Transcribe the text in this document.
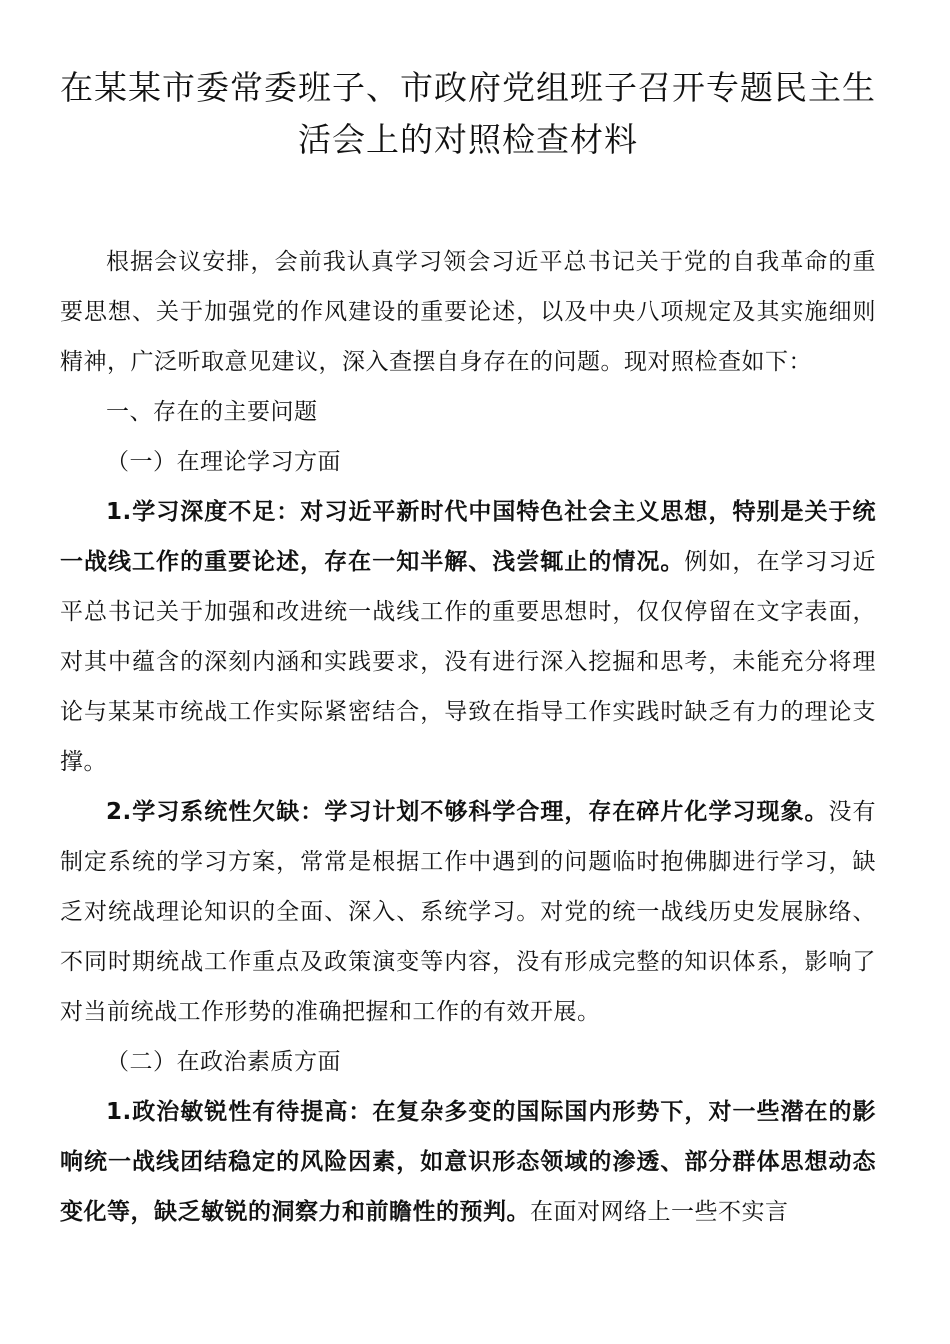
在某某市委常委班子、市政府党组班子召开专题民主生活会上的对照检查材料

根据会议安排，会前我认真学习领会习近平总书记关于党的自我革命的重要思想、关于加强党的作风建设的重要论述，以及中央八项规定及其实施细则精神，广泛听取意见建议，深入查摆自身存在的问题。现对照检查如下：

一、存在的主要问题

（一）在理论学习方面

1.学习深度不足：对习近平新时代中国特色社会主义思想，特别是关于统一战线工作的重要论述，存在一知半解、浅尝辄止的情况。例如，在学习习近平总书记关于加强和改进统一战线工作的重要思想时，仅仅停留在文字表面，对其中蕴含的深刻内涵和实践要求，没有进行深入挖掘和思考，未能充分将理论与某某市统战工作实际紧密结合，导致在指导工作实践时缺乏有力的理论支撑。

2.学习系统性欠缺：学习计划不够科学合理，存在碎片化学习现象。没有制定系统的学习方案，常常是根据工作中遇到的问题临时抱佛脚进行学习，缺乏对统战理论知识的全面、深入、系统学习。对党的统一战线历史发展脉络、不同时期统战工作重点及政策演变等内容，没有形成完整的知识体系，影响了对当前统战工作形势的准确把握和工作的有效开展。

（二）在政治素质方面

1.政治敏锐性有待提高：在复杂多变的国际国内形势下，对一些潜在的影响统一战线团结稳定的风险因素，如意识形态领域的渗透、部分群体思想动态变化等，缺乏敏锐的洞察力和前瞻性的预判。在面对网络上一些不实言
